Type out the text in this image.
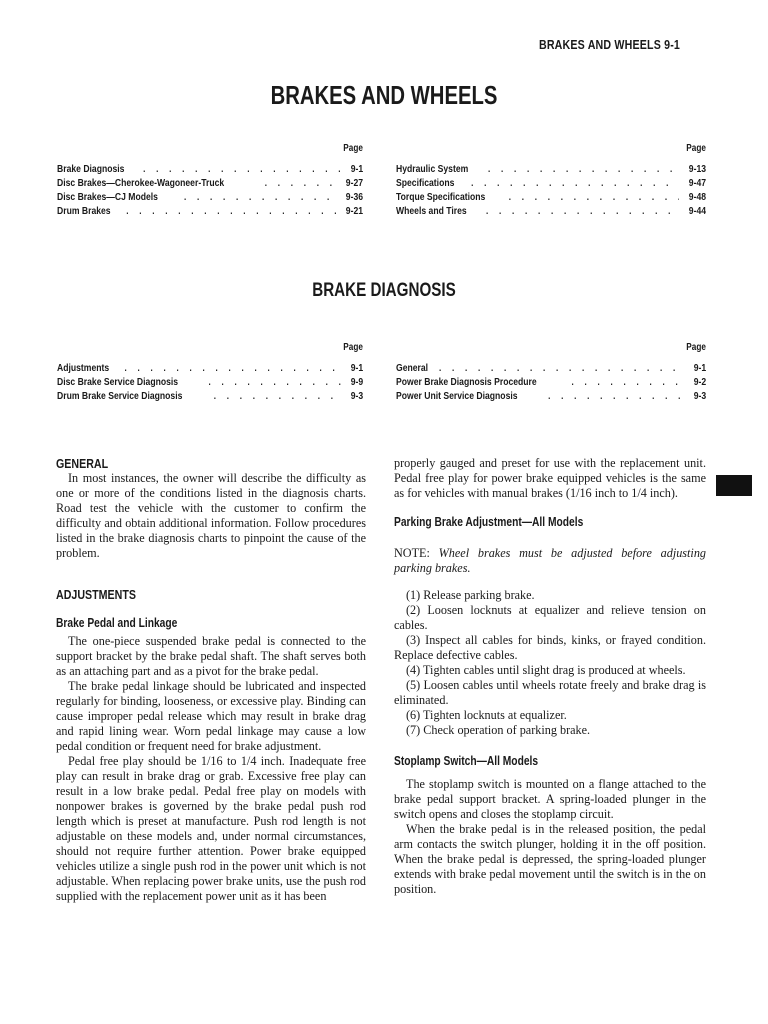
BRAKES AND WHEELS 9-1
BRAKES AND WHEELS
Page
Brake Diagnosis . . .	9-1
Disc Brakes—Cherokee-Wagoneer-Truck . . .	9-27
Disc Brakes—CJ Models . . .	9-36
Drum Brakes . . .	9-21
Page
Hydraulic System . . .	9-13
Specifications . . .	9-47
Torque Specifications . . .	9-48
Wheels and Tires . . .	9-44
BRAKE DIAGNOSIS
Page
Adjustments . . .	9-1
Disc Brake Service Diagnosis . . .	9-9
Drum Brake Service Diagnosis . . .	9-3
Page
General . . .	9-1
Power Brake Diagnosis Procedure . . .	9-2
Power Unit Service Diagnosis . . .	9-3
GENERAL

In most instances, the owner will describe the difficulty as one or more of the conditions listed in the diagnosis charts. Road test the vehicle with the customer to confirm the difficulty and obtain additional information. Follow procedures listed in the brake diagnosis charts to pinpoint the cause of the problem.

ADJUSTMENTS
Brake Pedal and Linkage

The one-piece suspended brake pedal is connected to the support bracket by the brake pedal shaft. The shaft serves both as an attaching part and as a pivot for the brake pedal.

The brake pedal linkage should be lubricated and inspected regularly for binding, looseness, or excessive play. Binding can cause improper pedal release which may result in brake drag and rapid lining wear. Worn pedal linkage may cause a low pedal condition or frequent need for brake adjustment.

Pedal free play should be 1/16 to 1/4 inch. Inadequate free play can result in brake drag or grab. Excessive free play can result in a low brake pedal. Pedal free play on models with nonpower brakes is governed by the brake pedal push rod length which is preset at manufacture. Push rod length is not adjustable on these models and, under normal circumstances, should not require further attention. Power brake equipped vehicles utilize a single push rod in the power unit which is not adjustable. When replacing power brake units, use the push rod supplied with the replacement power unit as it has been

properly gauged and preset for use with the replacement unit. Pedal free play for power brake equipped vehicles is the same as for vehicles with manual brakes (1/16 inch to 1/4 inch).

Parking Brake Adjustment—All Models

NOTE: Wheel brakes must be adjusted before adjusting parking brakes.

(1) Release parking brake.

(2) Loosen locknuts at equalizer and relieve tension on cables.

(3) Inspect all cables for binds, kinks, or frayed condition. Replace defective cables.

(4) Tighten cables until slight drag is produced at wheels.

(5) Loosen cables until wheels rotate freely and brake drag is eliminated.

(6) Tighten locknuts at equalizer.

(7) Check operation of parking brake.

Stoplamp Switch—All Models

The stoplamp switch is mounted on a flange attached to the brake pedal support bracket. A spring-loaded plunger in the switch opens and closes the stoplamp circuit.

When the brake pedal is in the released position, the pedal arm contacts the switch plunger, holding it in the off position. When the brake pedal is depressed, the spring-loaded plunger extends with brake pedal movement until the switch is in the on position.
